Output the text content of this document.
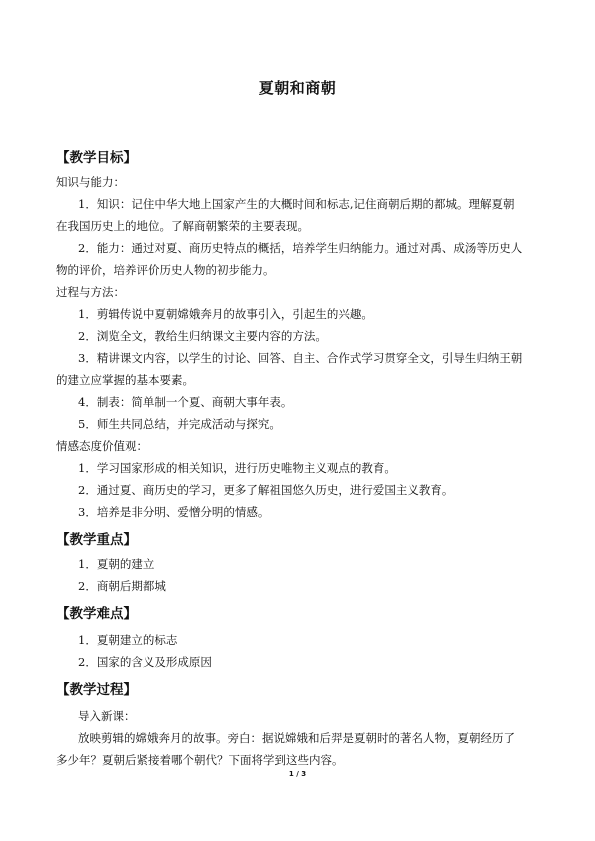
夏朝和商朝
【教学目标】
知识与能力：
1．知识：记住中华大地上国家产生的大概时间和标志,记住商朝后期的都城。理解夏朝
在我国历史上的地位。了解商朝繁荣的主要表现。
2．能力：通过对夏、商历史特点的概括，培养学生归纳能力。通过对禹、成汤等历史人
物的评价，培养评价历史人物的初步能力。
过程与方法：
1．剪辑传说中夏朝嫦娥奔月的故事引入，引起生的兴趣。
2．浏览全文，教给生归纳课文主要内容的方法。
3．精讲课文内容，以学生的讨论、回答、自主、合作式学习贯穿全文，引导生归纳王朝
的建立应掌握的基本要素。
4．制表：简单制一个夏、商朝大事年表。
5．师生共同总结，并完成活动与探究。
情感态度价值观：
1．学习国家形成的相关知识，进行历史唯物主义观点的教育。
2．通过夏、商历史的学习，更多了解祖国悠久历史，进行爱国主义教育。
3．培养是非分明、爱憎分明的情感。
【教学重点】
1．夏朝的建立
2．商朝后期都城
【教学难点】
1．夏朝建立的标志
2．国家的含义及形成原因
【教学过程】
导入新课：
放映剪辑的嫦娥奔月的故事。旁白：据说嫦娥和后羿是夏朝时的著名人物，夏朝经历了
多少年？夏朝后紧接着哪个朝代？下面将学到这些内容。
1 / 3
